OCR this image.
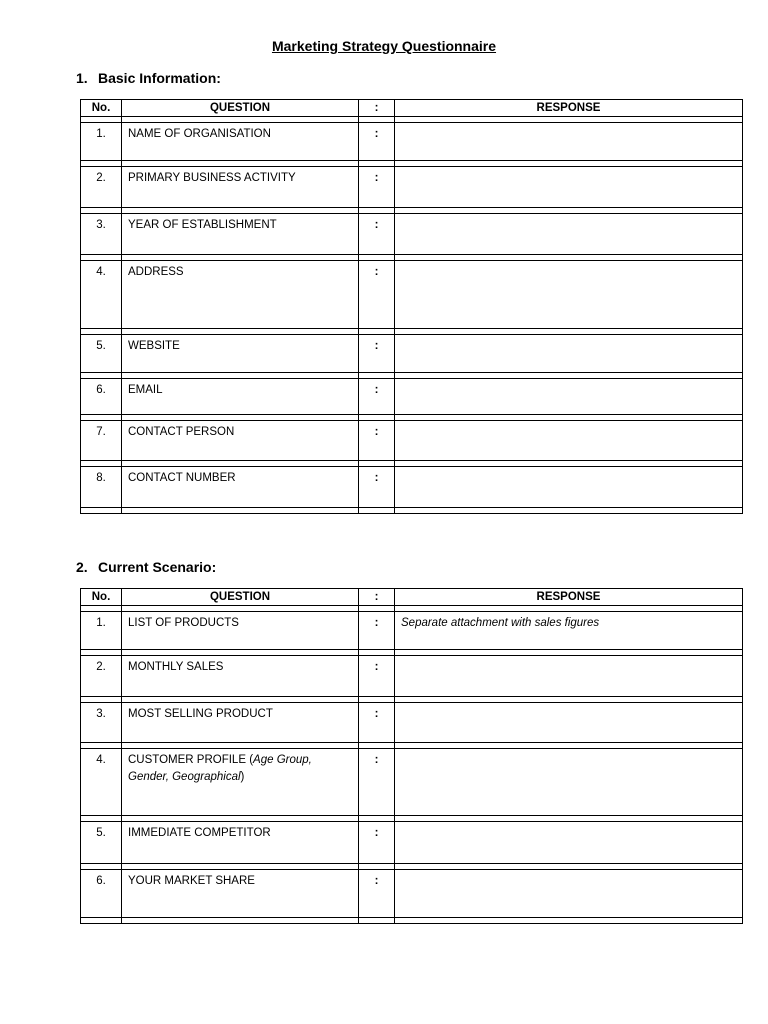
Marketing Strategy Questionnaire
1. Basic Information:
No.	QUESTION	:	RESPONSE

1.	NAME OF ORGANISATION	:	

2.	PRIMARY BUSINESS ACTIVITY	:	

3.	YEAR OF ESTABLISHMENT	:	

4.	ADDRESS	:	

5.	WEBSITE	:	

6.	EMAIL	:	

7.	CONTACT PERSON	:	

8.	CONTACT NUMBER	:	

2. Current Scenario:
No.	QUESTION	:	RESPONSE

1.	LIST OF PRODUCTS	:	Separate attachment with sales figures

2.	MONTHLY SALES	:	

3.	MOST SELLING PRODUCT	:	

4.	CUSTOMER PROFILE (Age Group, Gender, Geographical)	:	

5.	IMMEDIATE COMPETITOR	:	

6.	YOUR MARKET SHARE	:	
